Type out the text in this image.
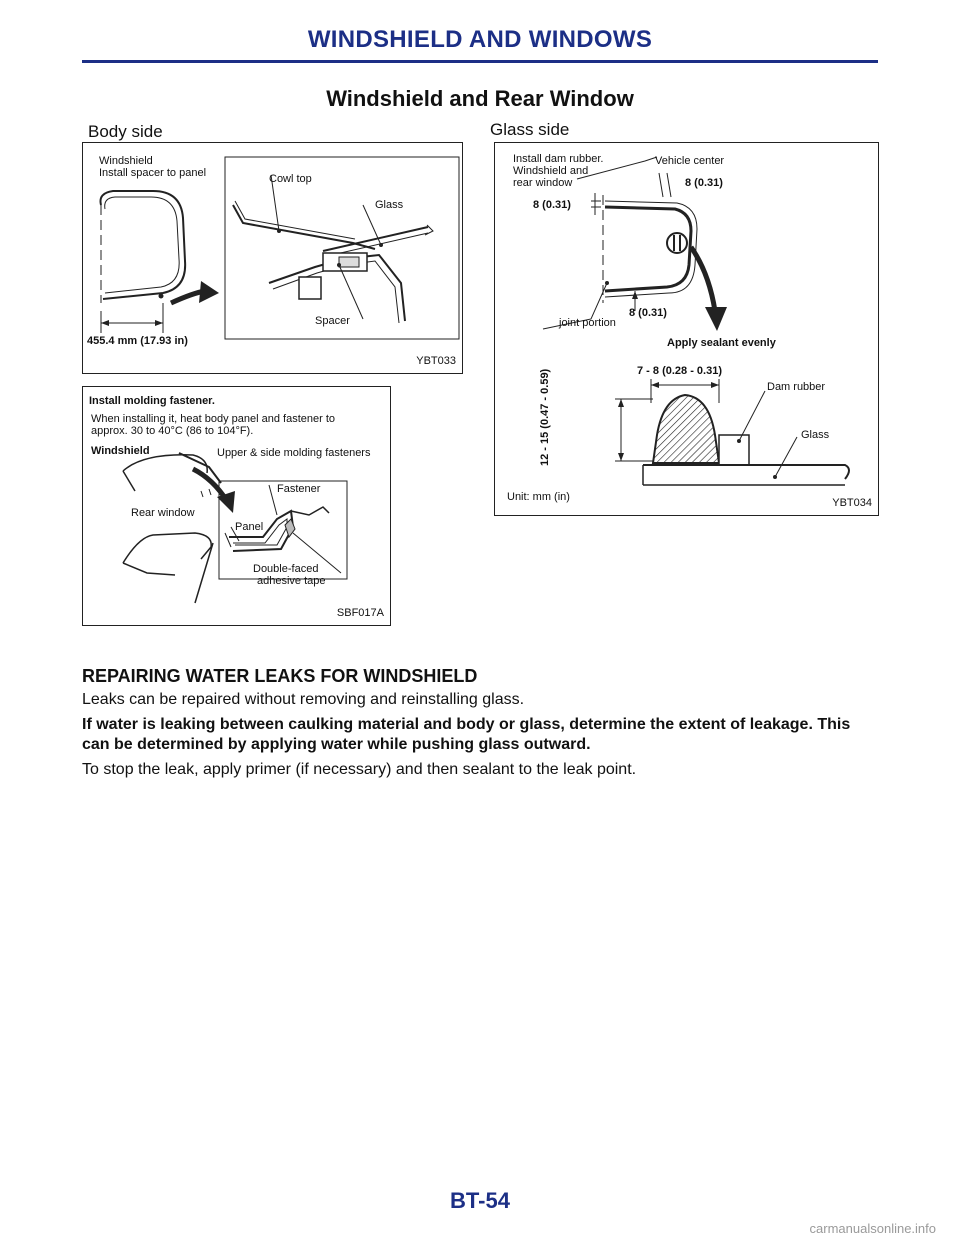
WINDSHIELD AND WINDOWS
Windshield and Rear Window
Body side	Glass side
Windshield
Install spacer to panel	Cowl top
Glass
Spacer
455.4 mm (17.93 in)
YBT033
Install molding fastener.
When installing it, heat body panel and fastener to
approx. 30 to 40°C (86 to 104°F).
Windshield	Upper & side molding fasteners
Fastener
Rear window
Panel
Double-faced
adhesive tape
SBF017A
Install dam rubber.
Windshield and
rear window
Vehicle center
8 (0.31)
8 (0.31)
8 (0.31)
joint portion
Apply sealant evenly
7 - 8 (0.28 - 0.31)
Dam rubber
Glass
12 - 15 (0.47 - 0.59)
Unit: mm (in)	YBT034
REPAIRING WATER LEAKS FOR WINDSHIELD
Leaks can be repaired without removing and reinstalling glass.
If water is leaking between caulking material and body or glass, determine the extent of leakage. This
can be determined by applying water while pushing glass outward.
To stop the leak, apply primer (if necessary) and then sealant to the leak point.
BT-54
carmanualsonline.info
